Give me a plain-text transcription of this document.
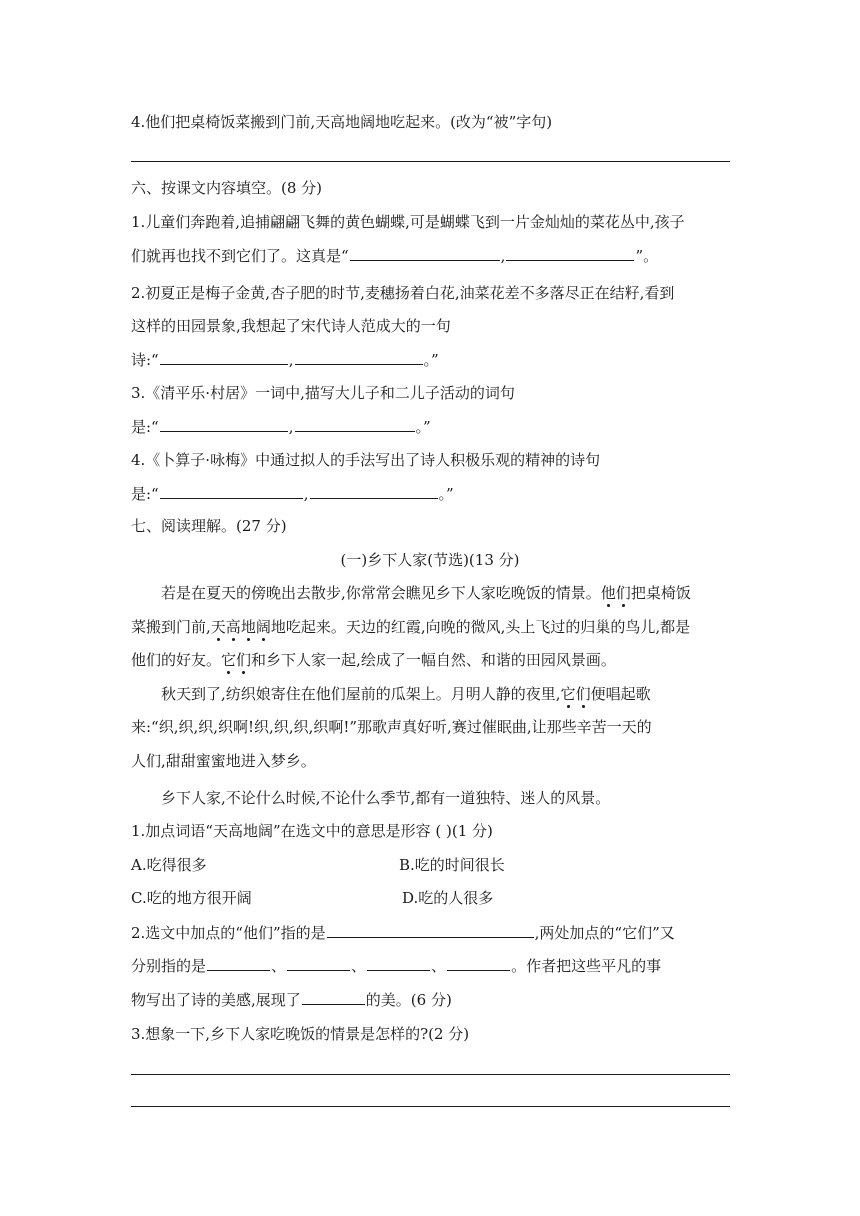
4.他们把桌椅饭菜搬到门前,天高地阔地吃起来。(改为“被”字句)
六、按课文内容填空。(8 分)
1.儿童们奔跑着,追捕翩翩飞舞的黄色蝴蝶,可是蝴蝶飞到一片金灿灿的菜花丛中,孩子
们就再也找不到它们了。这真是“	,	”。
2.初夏正是梅子金黄,杏子肥的时节,麦穗扬着白花,油菜花差不多落尽正在结籽,看到
这样的田园景象,我想起了宋代诗人范成大的一句
诗:“	,	。”
3.《清平乐·村居》一词中,描写大儿子和二儿子活动的词句
是:“	,	。”
4.《卜算子·咏梅》中通过拟人的手法写出了诗人积极乐观的精神的诗句
是:“	,	。”
七、阅读理解。(27 分)
(一)乡下人家(节选)(13 分)
若是在夏天的傍晚出去散步,你常常会瞧见乡下人家吃晚饭的情景。他们把桌椅饭
菜搬到门前,天高地阔地吃起来。天边的红霞,向晚的微风,头上飞过的归巢的鸟儿,都是
他们的好友。它们和乡下人家一起,绘成了一幅自然、和谐的田园风景画。
秋天到了,纺织娘寄住在他们屋前的瓜架上。月明人静的夜里,它们便唱起歌
来:“织,织,织,织啊!织,织,织,织啊!”那歌声真好听,赛过催眠曲,让那些辛苦一天的
人们,甜甜蜜蜜地进入梦乡。
乡下人家,不论什么时候,不论什么季节,都有一道独特、迷人的风景。
1.加点词语“天高地阔”在选文中的意思是形容 ( )(1 分)
A.吃得很多	B.吃的时间很长
C.吃的地方很开阔	D.吃的人很多
2.选文中加点的“他们”指的是	,两处加点的“它们”又
分别指的是	、	、	、	。作者把这些平凡的事
物写出了诗的美感,展现了	的美。(6 分)
3.想象一下,乡下人家吃晚饭的情景是怎样的?(2 分)
